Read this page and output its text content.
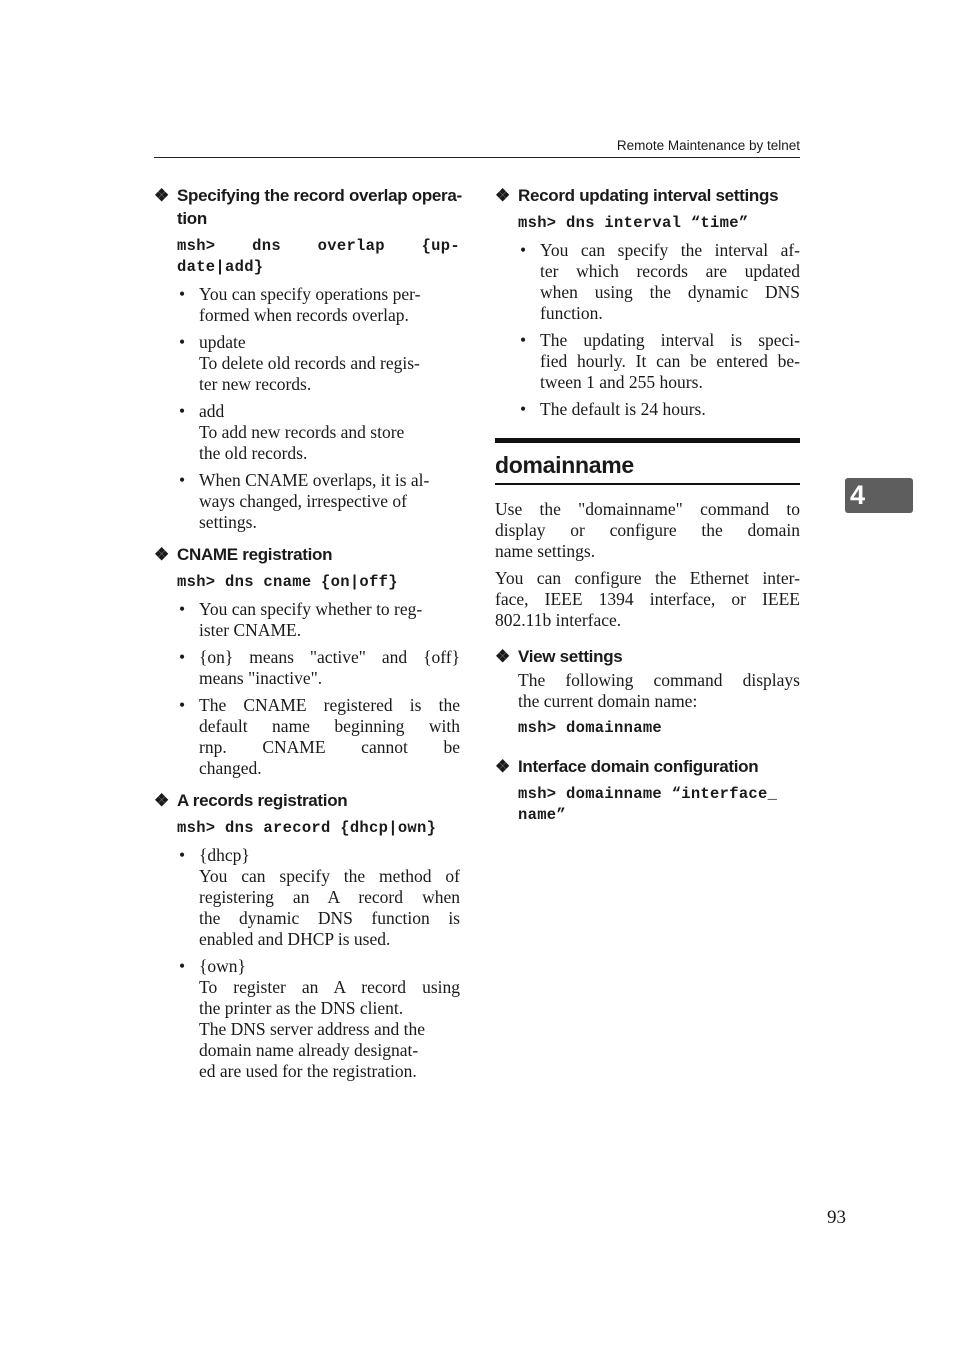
Remote Maintenance by telnet
❖ Specifying the record overlap opera-
tion
msh> dns overlap {up-
date|add}
• You can specify operations per-
formed when records overlap.
• update
To delete old records and regis-
ter new records.
• add
To add new records and store
the old records.
• When CNAME overlaps, it is al-
ways changed, irrespective of
settings.
❖ CNAME registration
msh> dns cname {on|off}
• You can specify whether to reg-
ister CNAME.
• {on} means "active" and {off}
means "inactive".
• The CNAME registered is the
default name beginning with
rnp. CNAME cannot be
changed.
❖ A records registration
msh> dns arecord {dhcp|own}
• {dhcp}
You can specify the method of
registering an A record when
the dynamic DNS function is
enabled and DHCP is used.
• {own}
To register an A record using
the printer as the DNS client.
The DNS server address and the
domain name already designat-
ed are used for the registration.
❖ Record updating interval settings
msh> dns interval “time”
• You can specify the interval af-
ter which records are updated
when using the dynamic DNS
function.
• The updating interval is speci-
fied hourly. It can be entered be-
tween 1 and 255 hours.
• The default is 24 hours.
domainname
Use the "domainname" command to
display or configure the domain
name settings.
You can configure the Ethernet inter-
face, IEEE 1394 interface, or IEEE
802.11b interface.
❖ View settings
The following command displays
the current domain name:
msh> domainname
❖ Interface domain configuration
msh> domainname “interface_
name”
4
93
